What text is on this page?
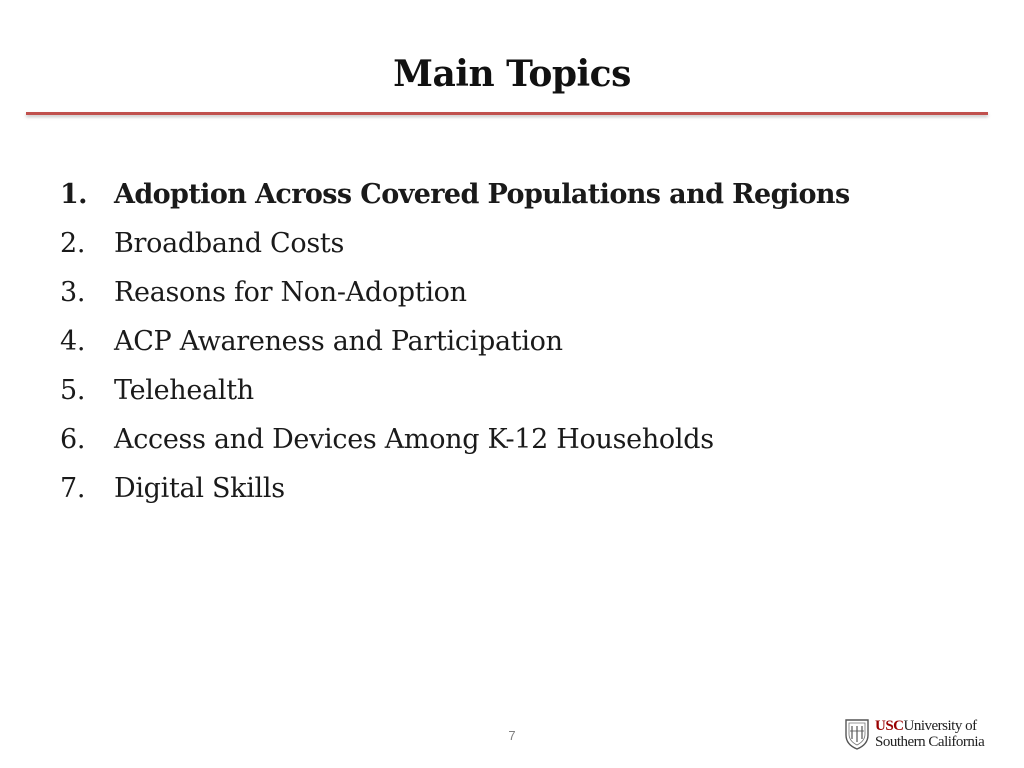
Main Topics
1.	Adoption Across Covered Populations and Regions
2.	Broadband Costs
3.	Reasons for Non-Adoption
4.	ACP Awareness and Participation
5.	Telehealth
6.	Access and Devices Among K-12 Households
7.	Digital Skills
7
USCUniversity of
Southern California
